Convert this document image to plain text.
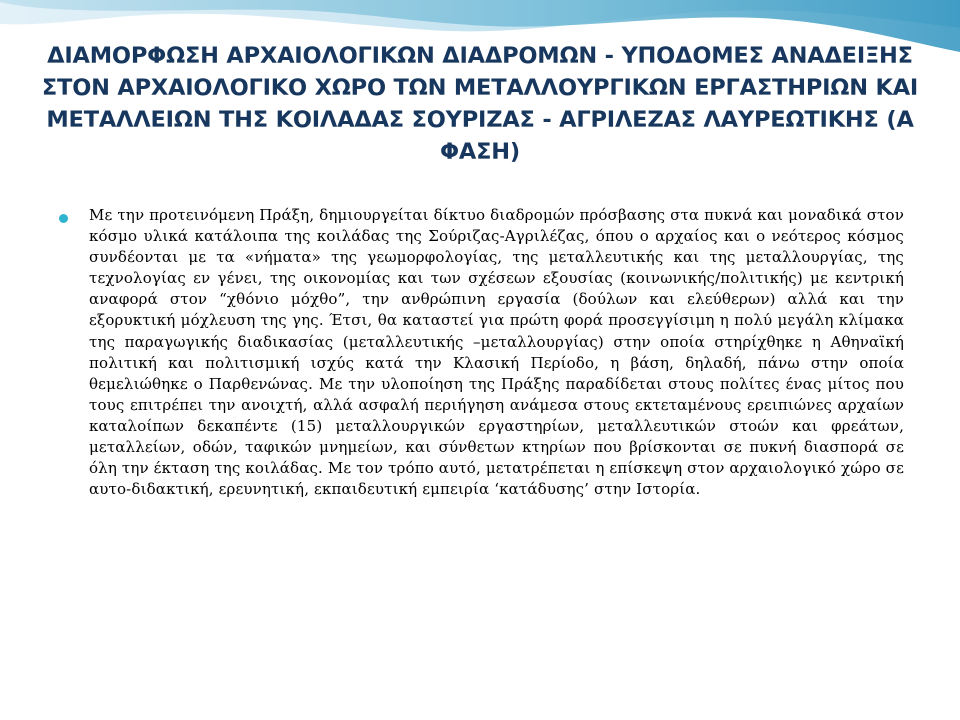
ΔΙΑΜΟΡΦΩΣΗ ΑΡΧΑΙΟΛΟΓΙΚΩΝ ΔΙΑΔΡΟΜΩΝ - ΥΠΟΔΟΜΕΣ ΑΝΑΔΕΙΞΗΣ ΣΤΟΝ ΑΡΧΑΙΟΛΟΓΙΚΟ ΧΩΡΟ ΤΩΝ ΜΕΤΑΛΛΟΥΡΓΙΚΩΝ ΕΡΓΑΣΤΗΡΙΩΝ ΚΑΙ ΜΕΤΑΛΛΕΙΩΝ ΤΗΣ ΚΟΙΛΑΔΑΣ ΣΟΥΡΙΖΑΣ - ΑΓΡΙΛΕΖΑΣ ΛΑΥΡΕΩΤΙΚΗΣ (Α ΦΑΣΗ)

Με την προτεινόμενη Πράξη, δημιουργείται δίκτυο διαδρομών πρόσβασης στα πυκνά και μοναδικά στον κόσμο υλικά κατάλοιπα της κοιλάδας της Σούριζας-Αγριλέζας, όπου ο αρχαίος και ο νεότερος κόσμος συνδέονται με τα «νήματα» της γεωμορφολογίας, της μεταλλευτικής και της μεταλλουργίας, της τεχνολογίας εν γένει, της οικονομίας και των σχέσεων εξουσίας (κοινωνικής/πολιτικής) με κεντρική αναφορά στον “χθόνιο μόχθο”, την ανθρώπινη εργασία (δούλων και ελεύθερων) αλλά και την εξορυκτική μόχλευση της γης. Έτσι, θα καταστεί για πρώτη φορά προσεγγίσιμη η πολύ μεγάλη κλίμακα της παραγωγικής διαδικασίας (μεταλλευτικής –μεταλλουργίας) στην οποία στηρίχθηκε η Αθηναϊκή πολιτική και πολιτισμική ισχύς κατά την Κλασική Περίοδο, η βάση, δηλαδή, πάνω στην οποία θεμελιώθηκε ο Παρθενώνας. Με την υλοποίηση της Πράξης παραδίδεται στους πολίτες ένας μίτος που τους επιτρέπει την ανοιχτή, αλλά ασφαλή περιήγηση ανάμεσα στους εκτεταμένους ερειπιώνες αρχαίων καταλοίπων δεκαπέντε (15) μεταλλουργικών εργαστηρίων, μεταλλευτικών στοών και φρεάτων, μεταλλείων, οδών, ταφικών μνημείων, και σύνθετων κτηρίων που βρίσκονται σε πυκνή διασπορά σε όλη την έκταση της κοιλάδας. Με τον τρόπο αυτό, μετατρέπεται η επίσκεψη στον αρχαιολογικό χώρο σε αυτο-διδακτική, ερευνητική, εκπαιδευτική εμπειρία ‘κατάδυσης’ στην Ιστορία.
